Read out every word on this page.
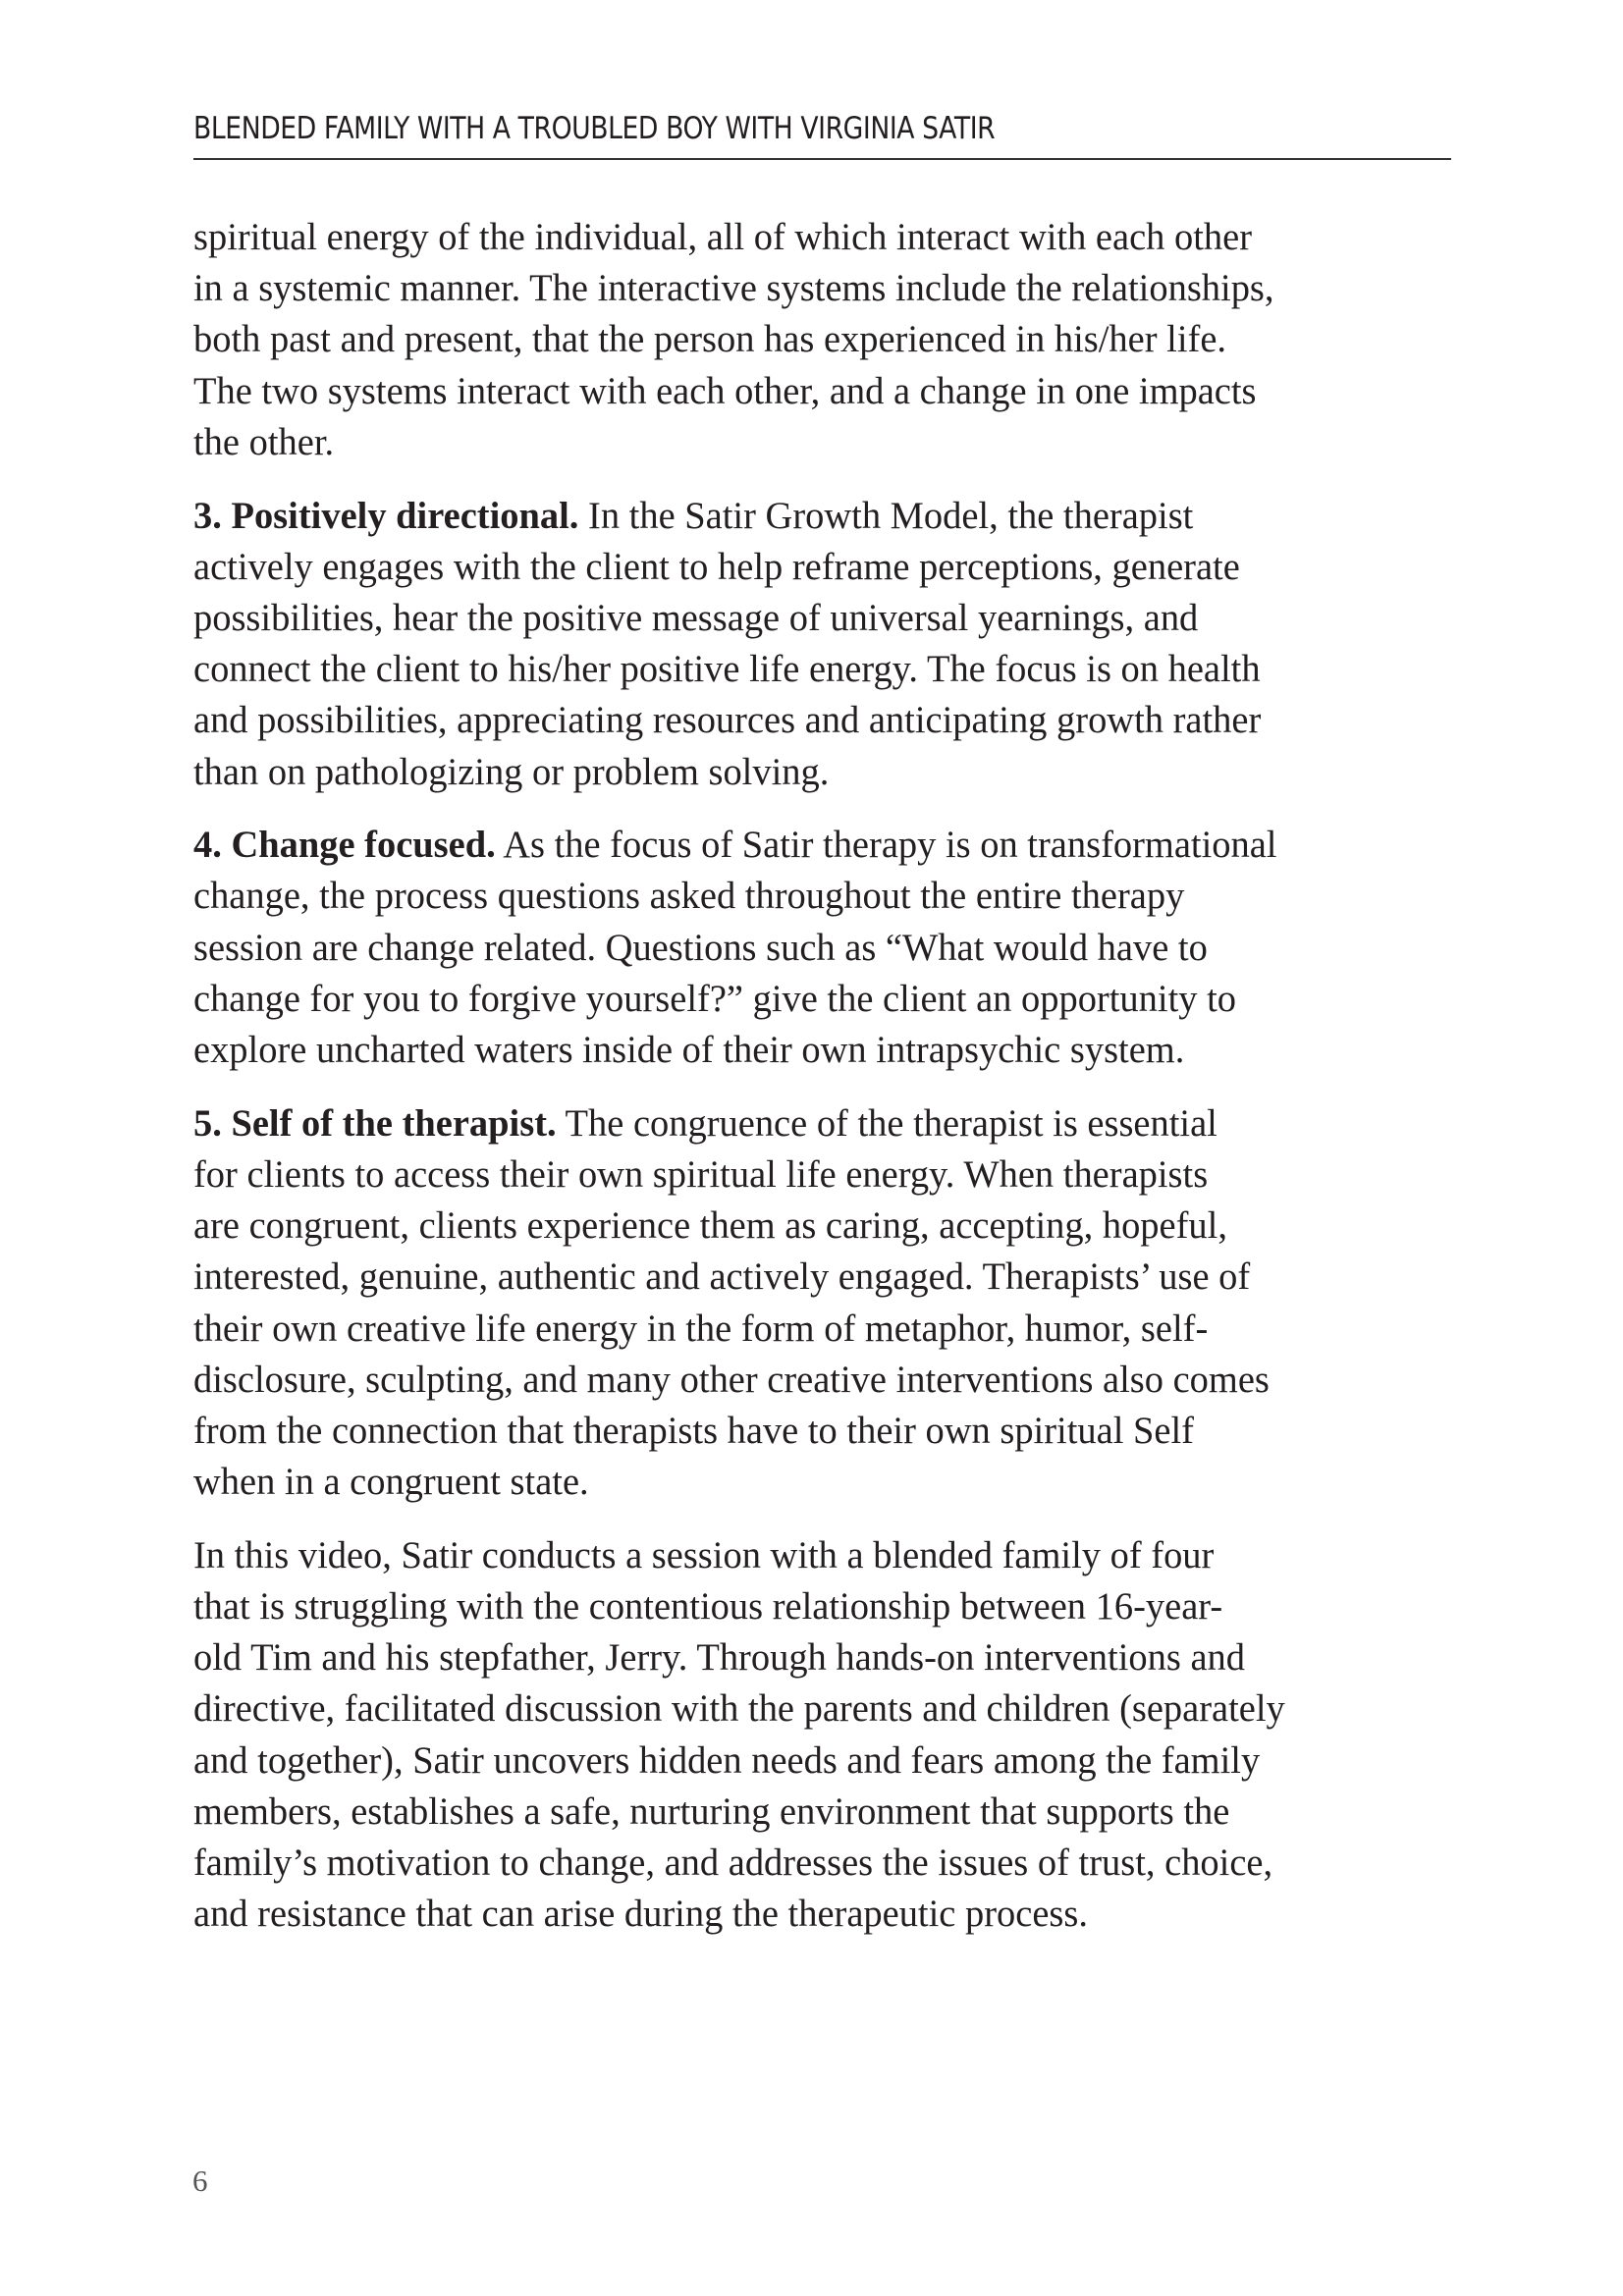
BLENDED FAMILY WITH A TROUBLED BOY WITH VIRGINIA SATIR

spiritual energy of the individual, all of which interact with each other
in a systemic manner. The interactive systems include the relationships,
both past and present, that the person has experienced in his/her life.
The two systems interact with each other, and a change in one impacts
the other.

3. Positively directional. In the Satir Growth Model, the therapist
actively engages with the client to help reframe perceptions, generate
possibilities, hear the positive message of universal yearnings, and
connect the client to his/her positive life energy. The focus is on health
and possibilities, appreciating resources and anticipating growth rather
than on pathologizing or problem solving.

4. Change focused. As the focus of Satir therapy is on transformational
change, the process questions asked throughout the entire therapy
session are change related. Questions such as “What would have to
change for you to forgive yourself?” give the client an opportunity to
explore uncharted waters inside of their own intrapsychic system.

5. Self of the therapist. The congruence of the therapist is essential
for clients to access their own spiritual life energy. When therapists
are congruent, clients experience them as caring, accepting, hopeful,
interested, genuine, authentic and actively engaged. Therapists’ use of
their own creative life energy in the form of metaphor, humor, self-
disclosure, sculpting, and many other creative interventions also comes
from the connection that therapists have to their own spiritual Self
when in a congruent state.

In this video, Satir conducts a session with a blended family of four
that is struggling with the contentious relationship between 16-year-
old Tim and his stepfather, Jerry. Through hands-on interventions and
directive, facilitated discussion with the parents and children (separately
and together), Satir uncovers hidden needs and fears among the family
members, establishes a safe, nurturing environment that supports the
family’s motivation to change, and addresses the issues of trust, choice,
and resistance that can arise during the therapeutic process.

6
